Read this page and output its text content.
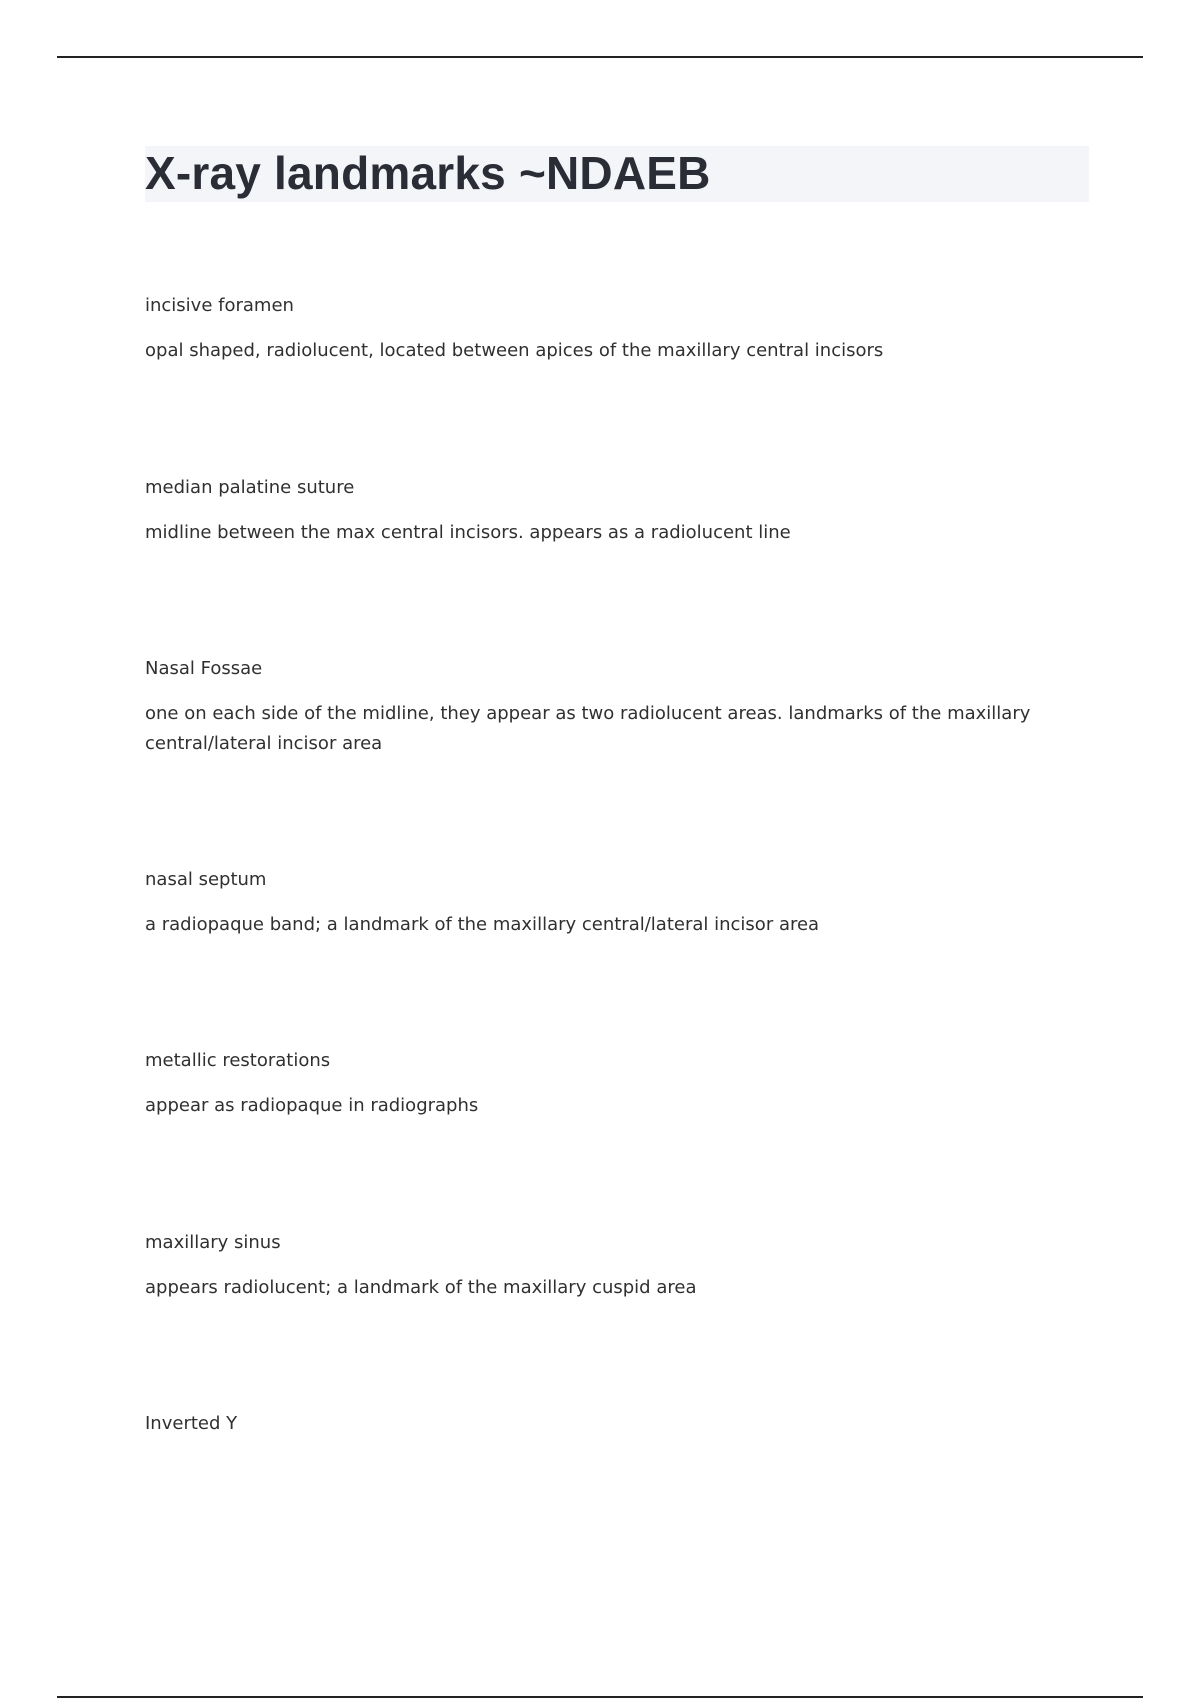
X-ray landmarks ~NDAEB

incisive foramen

opal shaped, radiolucent, located between apices of the maxillary central incisors

median palatine suture

midline between the max central incisors. appears as a radiolucent line

Nasal Fossae

one on each side of the midline, they appear as two radiolucent areas. landmarks of the maxillary central/lateral incisor area

nasal septum

a radiopaque band; a landmark of the maxillary central/lateral incisor area

metallic restorations

appear as radiopaque in radiographs

maxillary sinus

appears radiolucent; a landmark of the maxillary cuspid area

Inverted Y
